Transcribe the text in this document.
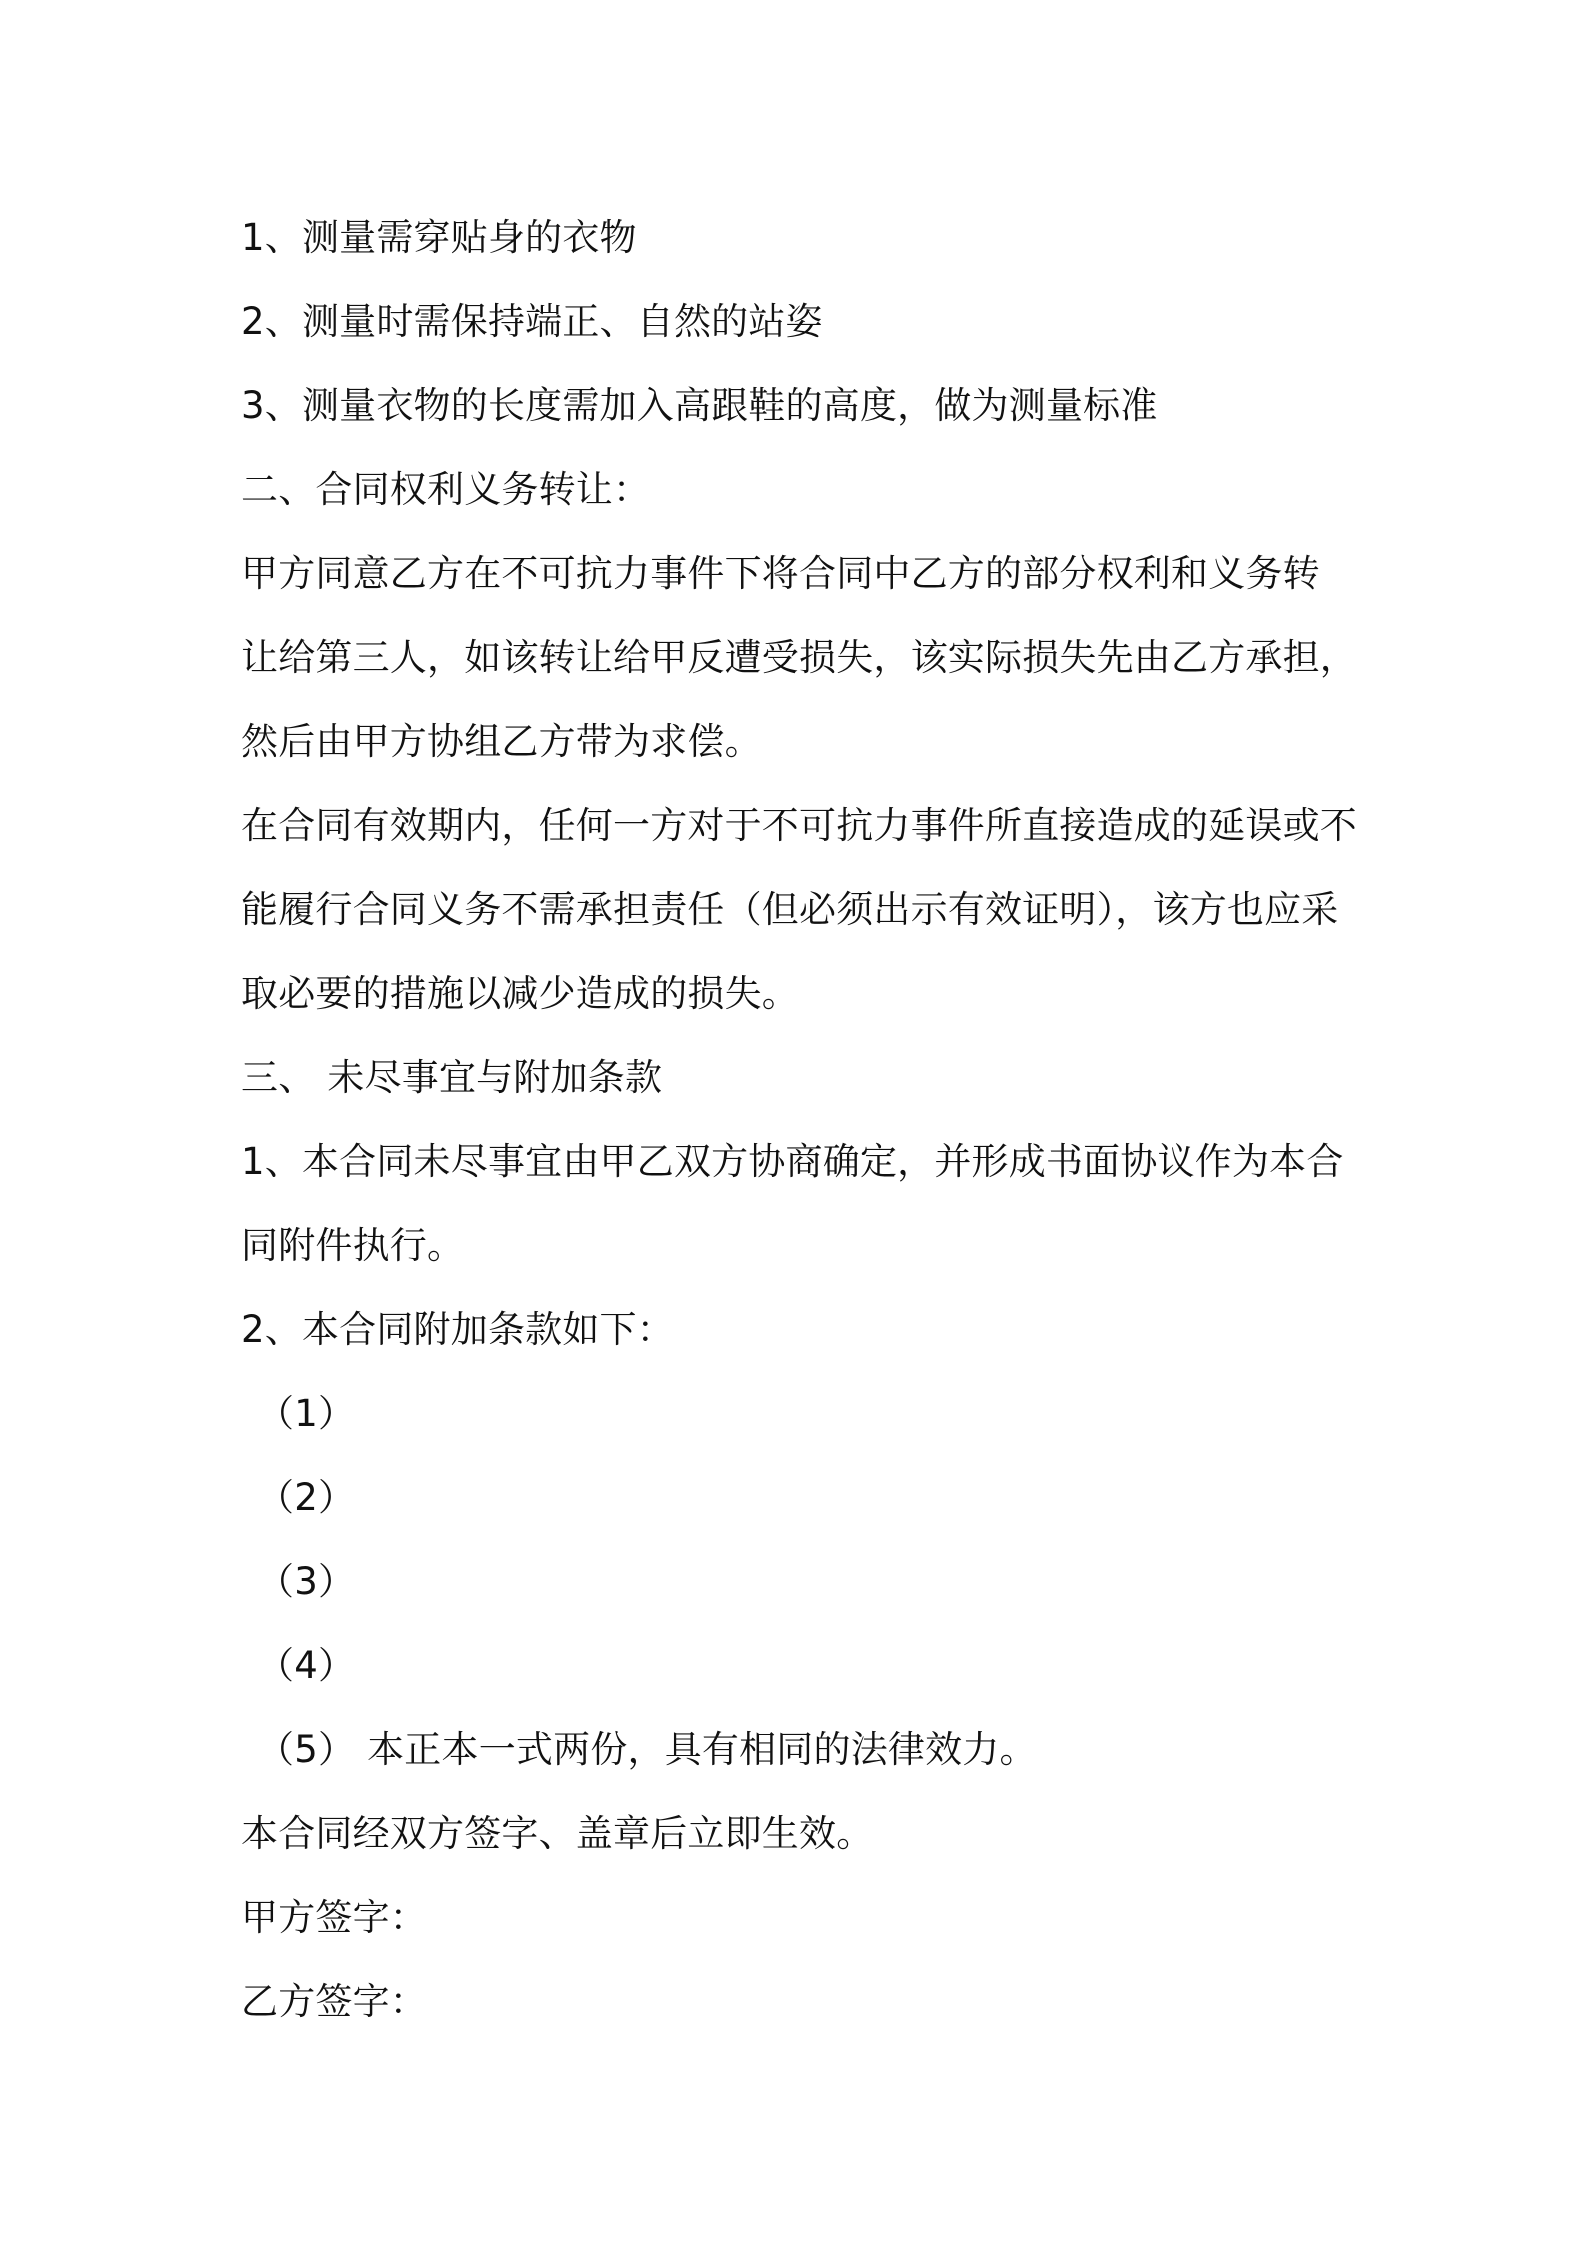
1、测量需穿贴身的衣物
2、测量时需保持端正、自然的站姿
3、测量衣物的长度需加入高跟鞋的高度，做为测量标准
二、合同权利义务转让：
甲方同意乙方在不可抗力事件下将合同中乙方的部分权利和义务转
让给第三人，如该转让给甲反遭受损失，该实际损失先由乙方承担，
然后由甲方协组乙方带为求偿。
在合同有效期内，任何一方对于不可抗力事件所直接造成的延误或不
能履行合同义务不需承担责任（但必须出示有效证明），该方也应采
取必要的措施以减少造成的损失。
三、 未尽事宜与附加条款
1、本合同未尽事宜由甲乙双方协商确定，并形成书面协议作为本合
同附件执行。
2、本合同附加条款如下：
（1）
（2）
（3）
（4）
（5） 本正本一式两份，具有相同的法律效力。
本合同经双方签字、盖章后立即生效。
甲方签字：
乙方签字：
